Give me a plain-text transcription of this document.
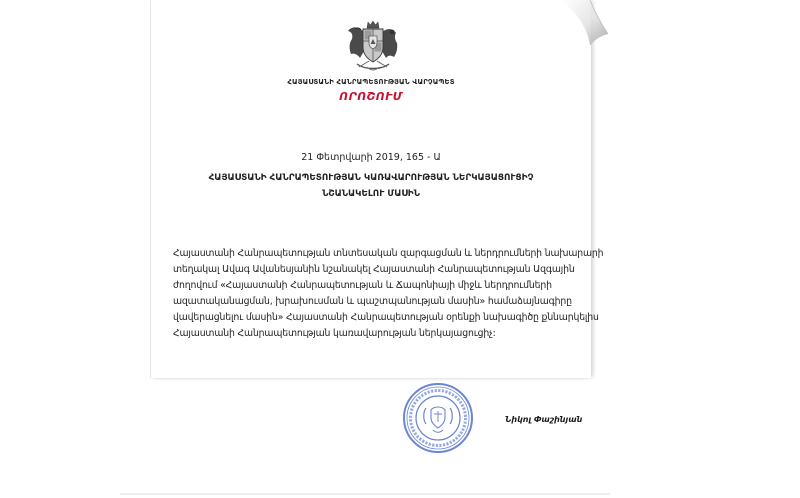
ՀԱՅԱՍՏԱՆԻ ՀԱՆՐԱՊԵՏՈՒԹՅԱՆ ՎԱՐՉԱՊԵՏ
ՈՐՈՇՈՒՄ
21 Փետրվարի 2019, 165 - Ա
ՀԱՅԱՍՏԱՆԻ ՀԱՆՐԱՊԵՏՈՒԹՅԱՆ ԿԱՌԱՎԱՐՈՒԹՅԱՆ ՆԵՐԿԱՅԱՑՈՒՑԻՉ
ՆՇԱՆԱԿԵԼՈՒ ՄԱՍԻՆ
Հայաստանի Հանրապետության տնտեսական զարգացման և ներդրումների նախարարի
տեղակալ Ավագ Ավանեսյանին նշանակել Հայաստանի Հանրապետության Ազգային
ժողովում «Հայաստանի Հանրապետության և Ճապոնիայի միջև ներդրումների
ազատականացման, խրախուսման և պաշտպանության մասին» համաձայնագիրը
վավերացնելու մասին» Հայաստանի Հանրապետության օրենքի նախագիծը քննարկելիս
Հայաստանի Հանրապետության կառավարության ներկայացուցիչ:
Նիկոլ Փաշինյան
